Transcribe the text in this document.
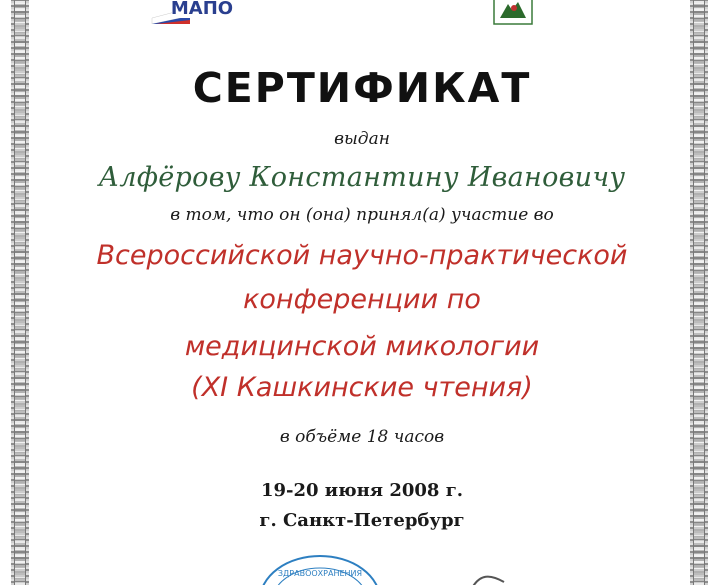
МАПО
СЕРТИФИКАТ
выдан
Алфёрову Константину Ивановичу
в том, что он (она) принял(а) участие во
Всероссийской научно-практической
конференции по
медицинской микологии
(XI Кашкинские чтения)
в объёме 18 часов
19-20 июня 2008 г.
г. Санкт-Петербург
ЗДРАВООХРАНЕНИЯ
